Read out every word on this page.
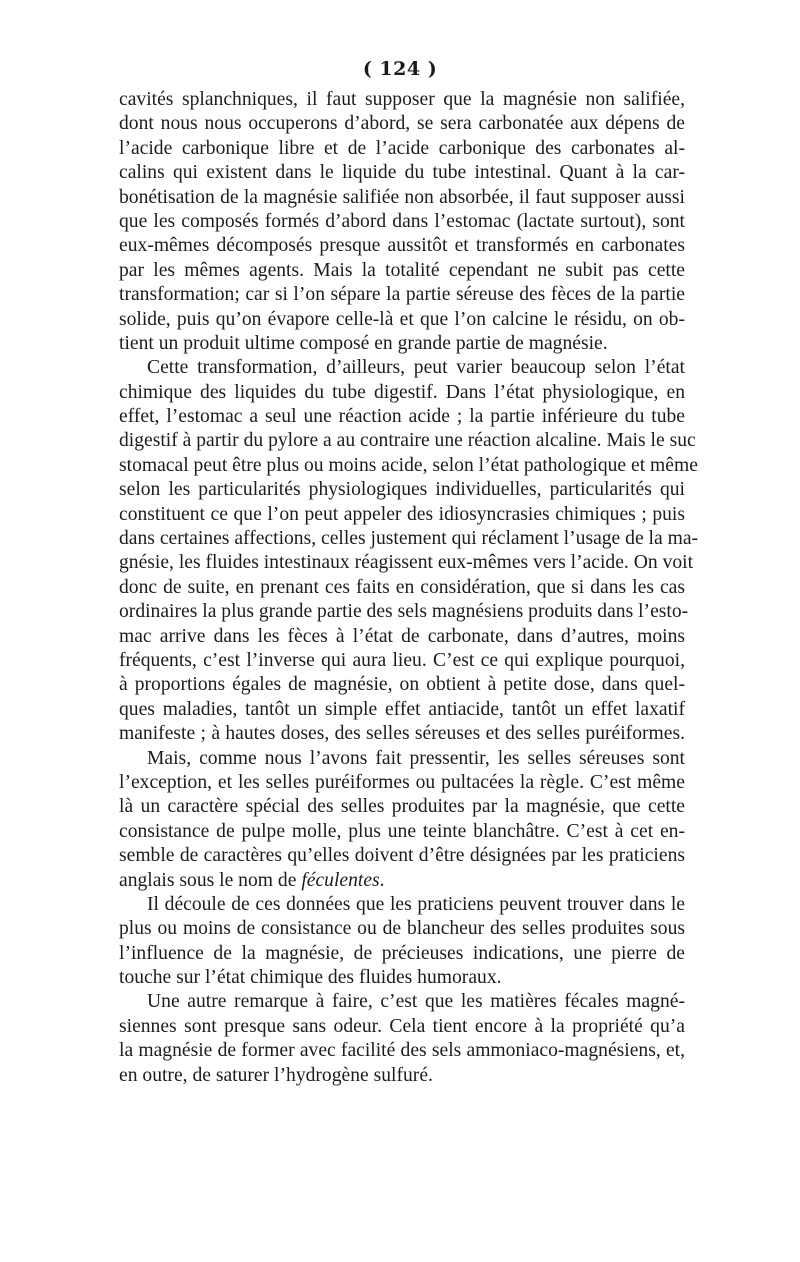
( 124 )
cavités splanchniques, il faut supposer que la magnésie non salifiée,
dont nous nous occuperons d’abord, se sera carbonatée aux dépens de
l’acide carbonique libre et de l’acide carbonique des carbonates al-
calins qui existent dans le liquide du tube intestinal. Quant à la car-
bonétisation de la magnésie salifiée non absorbée, il faut supposer aussi
que les composés formés d’abord dans l’estomac (lactate surtout), sont
eux-mêmes décomposés presque aussitôt et transformés en carbonates
par les mêmes agents. Mais la totalité cependant ne subit pas cette
transformation; car si l’on sépare la partie séreuse des fèces de la partie
solide, puis qu’on évapore celle-là et que l’on calcine le résidu, on ob-
tient un produit ultime composé en grande partie de magnésie.
Cette transformation, d’ailleurs, peut varier beaucoup selon l’état
chimique des liquides du tube digestif. Dans l’état physiologique, en
effet, l’estomac a seul une réaction acide ; la partie inférieure du tube
digestif à partir du pylore a au contraire une réaction alcaline. Mais le suc
stomacal peut être plus ou moins acide, selon l’état pathologique et même
selon les particularités physiologiques individuelles, particularités qui
constituent ce que l’on peut appeler des idiosyncrasies chimiques ; puis
dans certaines affections, celles justement qui réclament l’usage de la ma-
gnésie, les fluides intestinaux réagissent eux-mêmes vers l’acide. On voit
donc de suite, en prenant ces faits en considération, que si dans les cas
ordinaires la plus grande partie des sels magnésiens produits dans l’esto-
mac arrive dans les fèces à l’état de carbonate, dans d’autres, moins
fréquents, c’est l’inverse qui aura lieu. C’est ce qui explique pourquoi,
à proportions égales de magnésie, on obtient à petite dose, dans quel-
ques maladies, tantôt un simple effet antiacide, tantôt un effet laxatif
manifeste ; à hautes doses, des selles séreuses et des selles puréiformes.
Mais, comme nous l’avons fait pressentir, les selles séreuses sont
l’exception, et les selles puréiformes ou pultacées la règle. C’est même
là un caractère spécial des selles produites par la magnésie, que cette
consistance de pulpe molle, plus une teinte blanchâtre. C’est à cet en-
semble de caractères qu’elles doivent d’être désignées par les praticiens
anglais sous le nom de féculentes.
Il découle de ces données que les praticiens peuvent trouver dans le
plus ou moins de consistance ou de blancheur des selles produites sous
l’influence de la magnésie, de précieuses indications, une pierre de
touche sur l’état chimique des fluides humoraux.
Une autre remarque à faire, c’est que les matières fécales magné-
siennes sont presque sans odeur. Cela tient encore à la propriété qu’a
la magnésie de former avec facilité des sels ammoniaco-magnésiens, et,
en outre, de saturer l’hydrogène sulfuré.
